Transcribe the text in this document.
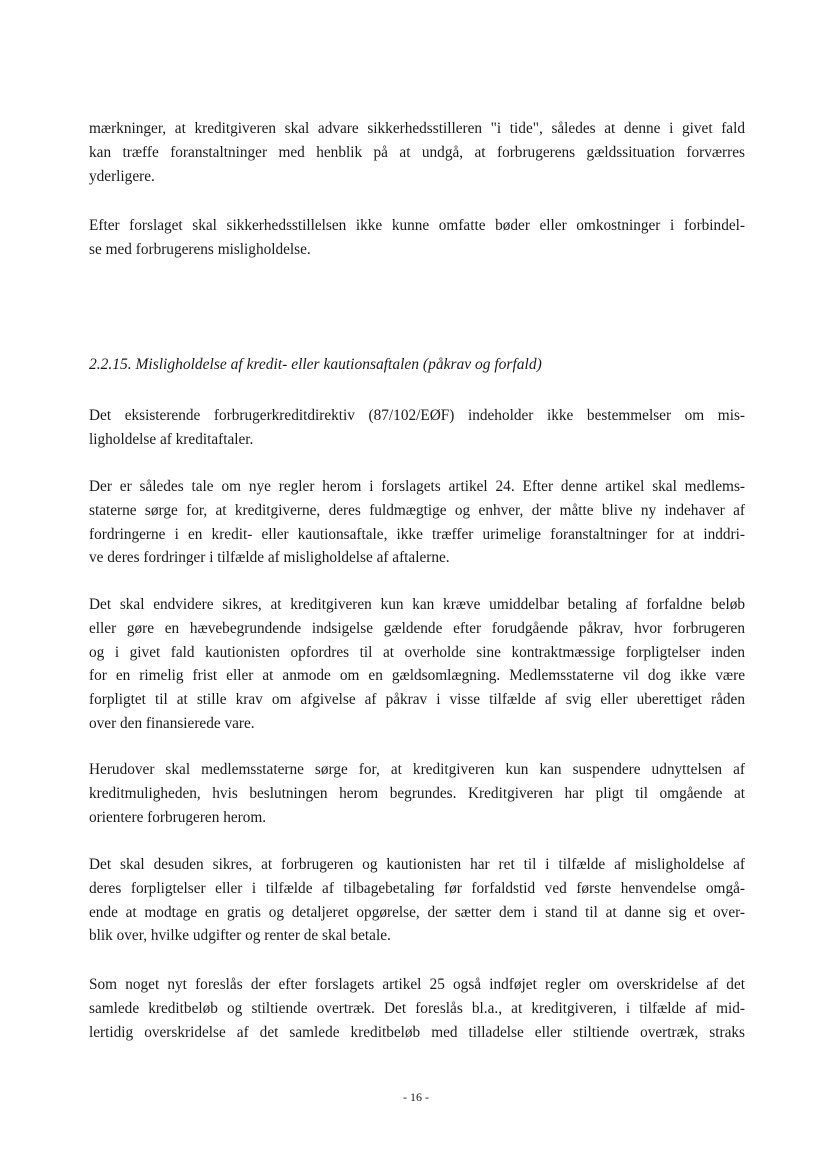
mærkninger, at kreditgiveren skal advare sikkerhedsstilleren "i tide", således at denne i givet fald
kan træffe foranstaltninger med henblik på at undgå, at forbrugerens gældssituation forværres
yderligere.

Efter forslaget skal sikkerhedsstillelsen ikke kunne omfatte bøder eller omkostninger i forbindel-
se med forbrugerens misligholdelse.

2.2.15. Misligholdelse af kredit- eller kautionsaftalen (påkrav og forfald)

Det eksisterende forbrugerkreditdirektiv (87/102/EØF) indeholder ikke bestemmelser om mis-
ligholdelse af kreditaftaler.

Der er således tale om nye regler herom i forslagets artikel 24. Efter denne artikel skal medlems-
staterne sørge for, at kreditgiverne, deres fuldmægtige og enhver, der måtte blive ny indehaver af
fordringerne i en kredit- eller kautionsaftale, ikke træffer urimelige foranstaltninger for at inddri-
ve deres fordringer i tilfælde af misligholdelse af aftalerne.

Det skal endvidere sikres, at kreditgiveren kun kan kræve umiddelbar betaling af forfaldne beløb
eller gøre en hævebegrundende indsigelse gældende efter forudgående påkrav, hvor forbrugeren
og i givet fald kautionisten opfordres til at overholde sine kontraktmæssige forpligtelser inden
for en rimelig frist eller at anmode om en gældsomlægning. Medlemsstaterne vil dog ikke være
forpligtet til at stille krav om afgivelse af påkrav i visse tilfælde af svig eller uberettiget råden
over den finansierede vare.

Herudover skal medlemsstaterne sørge for, at kreditgiveren kun kan suspendere udnyttelsen af
kreditmuligheden, hvis beslutningen herom begrundes. Kreditgiveren har pligt til omgående at
orientere forbrugeren herom.

Det skal desuden sikres, at forbrugeren og kautionisten har ret til i tilfælde af misligholdelse af
deres forpligtelser eller i tilfælde af tilbagebetaling før forfaldstid ved første henvendelse omgå-
ende at modtage en gratis og detaljeret opgørelse, der sætter dem i stand til at danne sig et over-
blik over, hvilke udgifter og renter de skal betale.

Som noget nyt foreslås der efter forslagets artikel 25 også indføjet regler om overskridelse af det
samlede kreditbeløb og stiltiende overtræk. Det foreslås bl.a., at kreditgiveren, i tilfælde af mid-
lertidig overskridelse af det samlede kreditbeløb med tilladelse eller stiltiende overtræk, straks

- 16 -
